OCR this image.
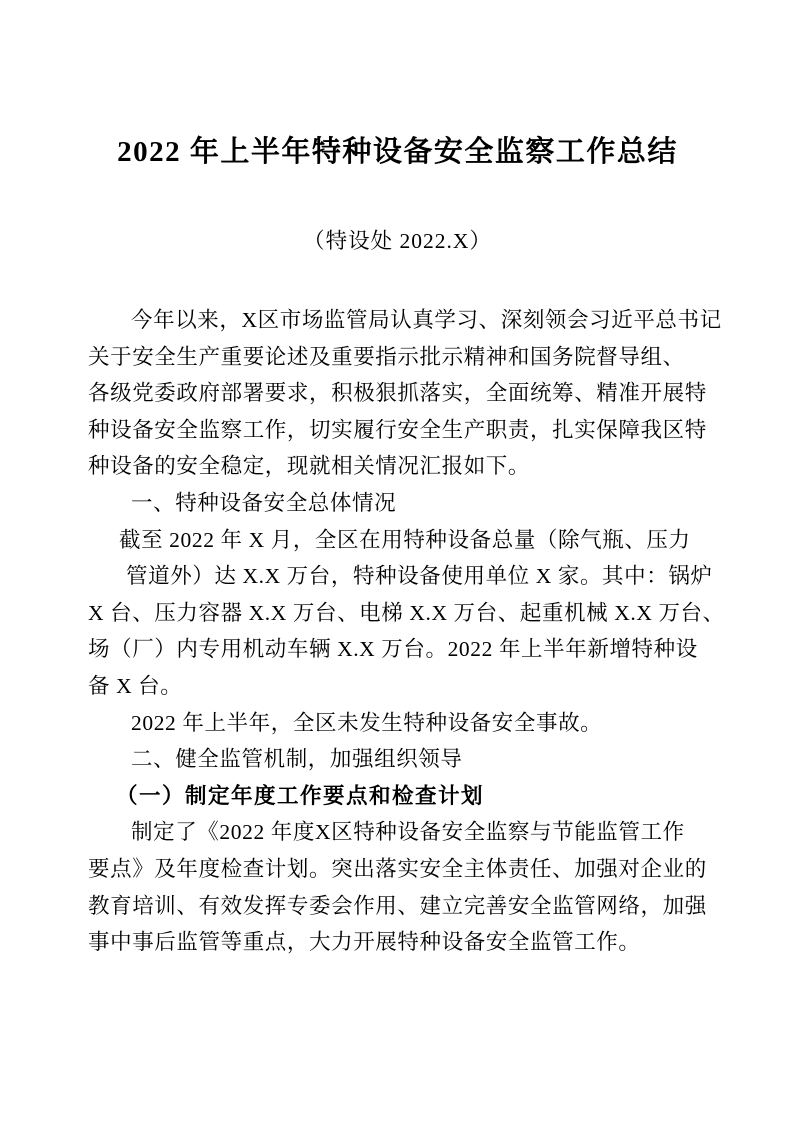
2022 年上半年特种设备安全监察工作总结
（特设处 2022.X）
今年以来，X区市场监管局认真学习、深刻领会习近平总书记
关于安全生产重要论述及重要指示批示精神和国务院督导组、
各级党委政府部署要求，积极狠抓落实，全面统筹、精准开展特
种设备安全监察工作，切实履行安全生产职责，扎实保障我区特
种设备的安全稳定，现就相关情况汇报如下。
一、特种设备安全总体情况
截至 2022 年 X 月，全区在用特种设备总量（除气瓶、压力
管道外）达 X.X 万台，特种设备使用单位 X 家。其中：锅炉
X 台、压力容器 X.X 万台、电梯 X.X 万台、起重机械 X.X 万台、
场（厂）内专用机动车辆 X.X 万台。2022 年上半年新增特种设
备 X 台。
2022 年上半年，全区未发生特种设备安全事故。
二、健全监管机制，加强组织领导
（一）制定年度工作要点和检查计划
制定了《2022 年度X区特种设备安全监察与节能监管工作
要点》及年度检查计划。突出落实安全主体责任、加强对企业的
教育培训、有效发挥专委会作用、建立完善安全监管网络，加强
事中事后监管等重点，大力开展特种设备安全监管工作。
